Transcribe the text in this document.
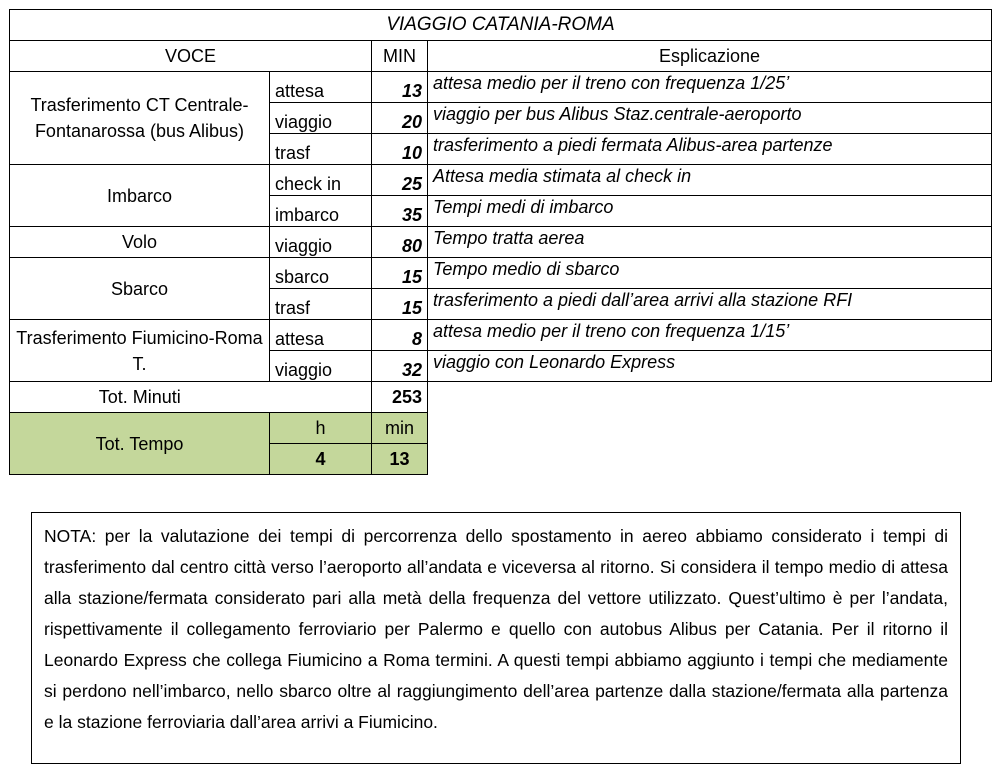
VIAGGIO CATANIA-ROMA			
VOCE		MIN	Esplicazione
Trasferimento CT Centrale-Fontanarossa (bus Alibus)	attesa	13	attesa medio per il treno con frequenza 1/25’
	viaggio	20	viaggio per bus Alibus Staz.centrale-aeroporto
	trasf	10	trasferimento a piedi fermata Alibus-area partenze
Imbarco	check in	25	Attesa media stimata al check in
	imbarco	35	Tempi medi di imbarco
Volo	viaggio	80	Tempo tratta aerea
Sbarco	sbarco	15	Tempo medio di sbarco
	trasf	15	trasferimento a piedi dall’area arrivi alla stazione RFI
Trasferimento Fiumicino-Roma T.	attesa	8	attesa medio per il treno con frequenza 1/15’
	viaggio	32	viaggio con Leonardo Express
Tot. Minuti		253	
Tot. Tempo	h	min	
	4	13	
NOTA: per la valutazione dei tempi di percorrenza dello spostamento in aereo abbiamo considerato i tempi di trasferimento dal centro città verso l’aeroporto all’andata e viceversa al ritorno. Si considera il tempo medio di attesa alla stazione/fermata considerato pari alla metà della frequenza del vettore utilizzato. Quest’ultimo è per l’andata, rispettivamente il collegamento ferroviario per Palermo e quello con autobus Alibus per Catania. Per il ritorno il Leonardo Express che collega Fiumicino a Roma termini. A questi tempi abbiamo aggiunto i tempi che mediamente si perdono nell’imbarco, nello sbarco oltre al raggiungimento dell’area partenze dalla stazione/fermata alla partenza e la stazione ferroviaria dall’area arrivi a Fiumicino.
